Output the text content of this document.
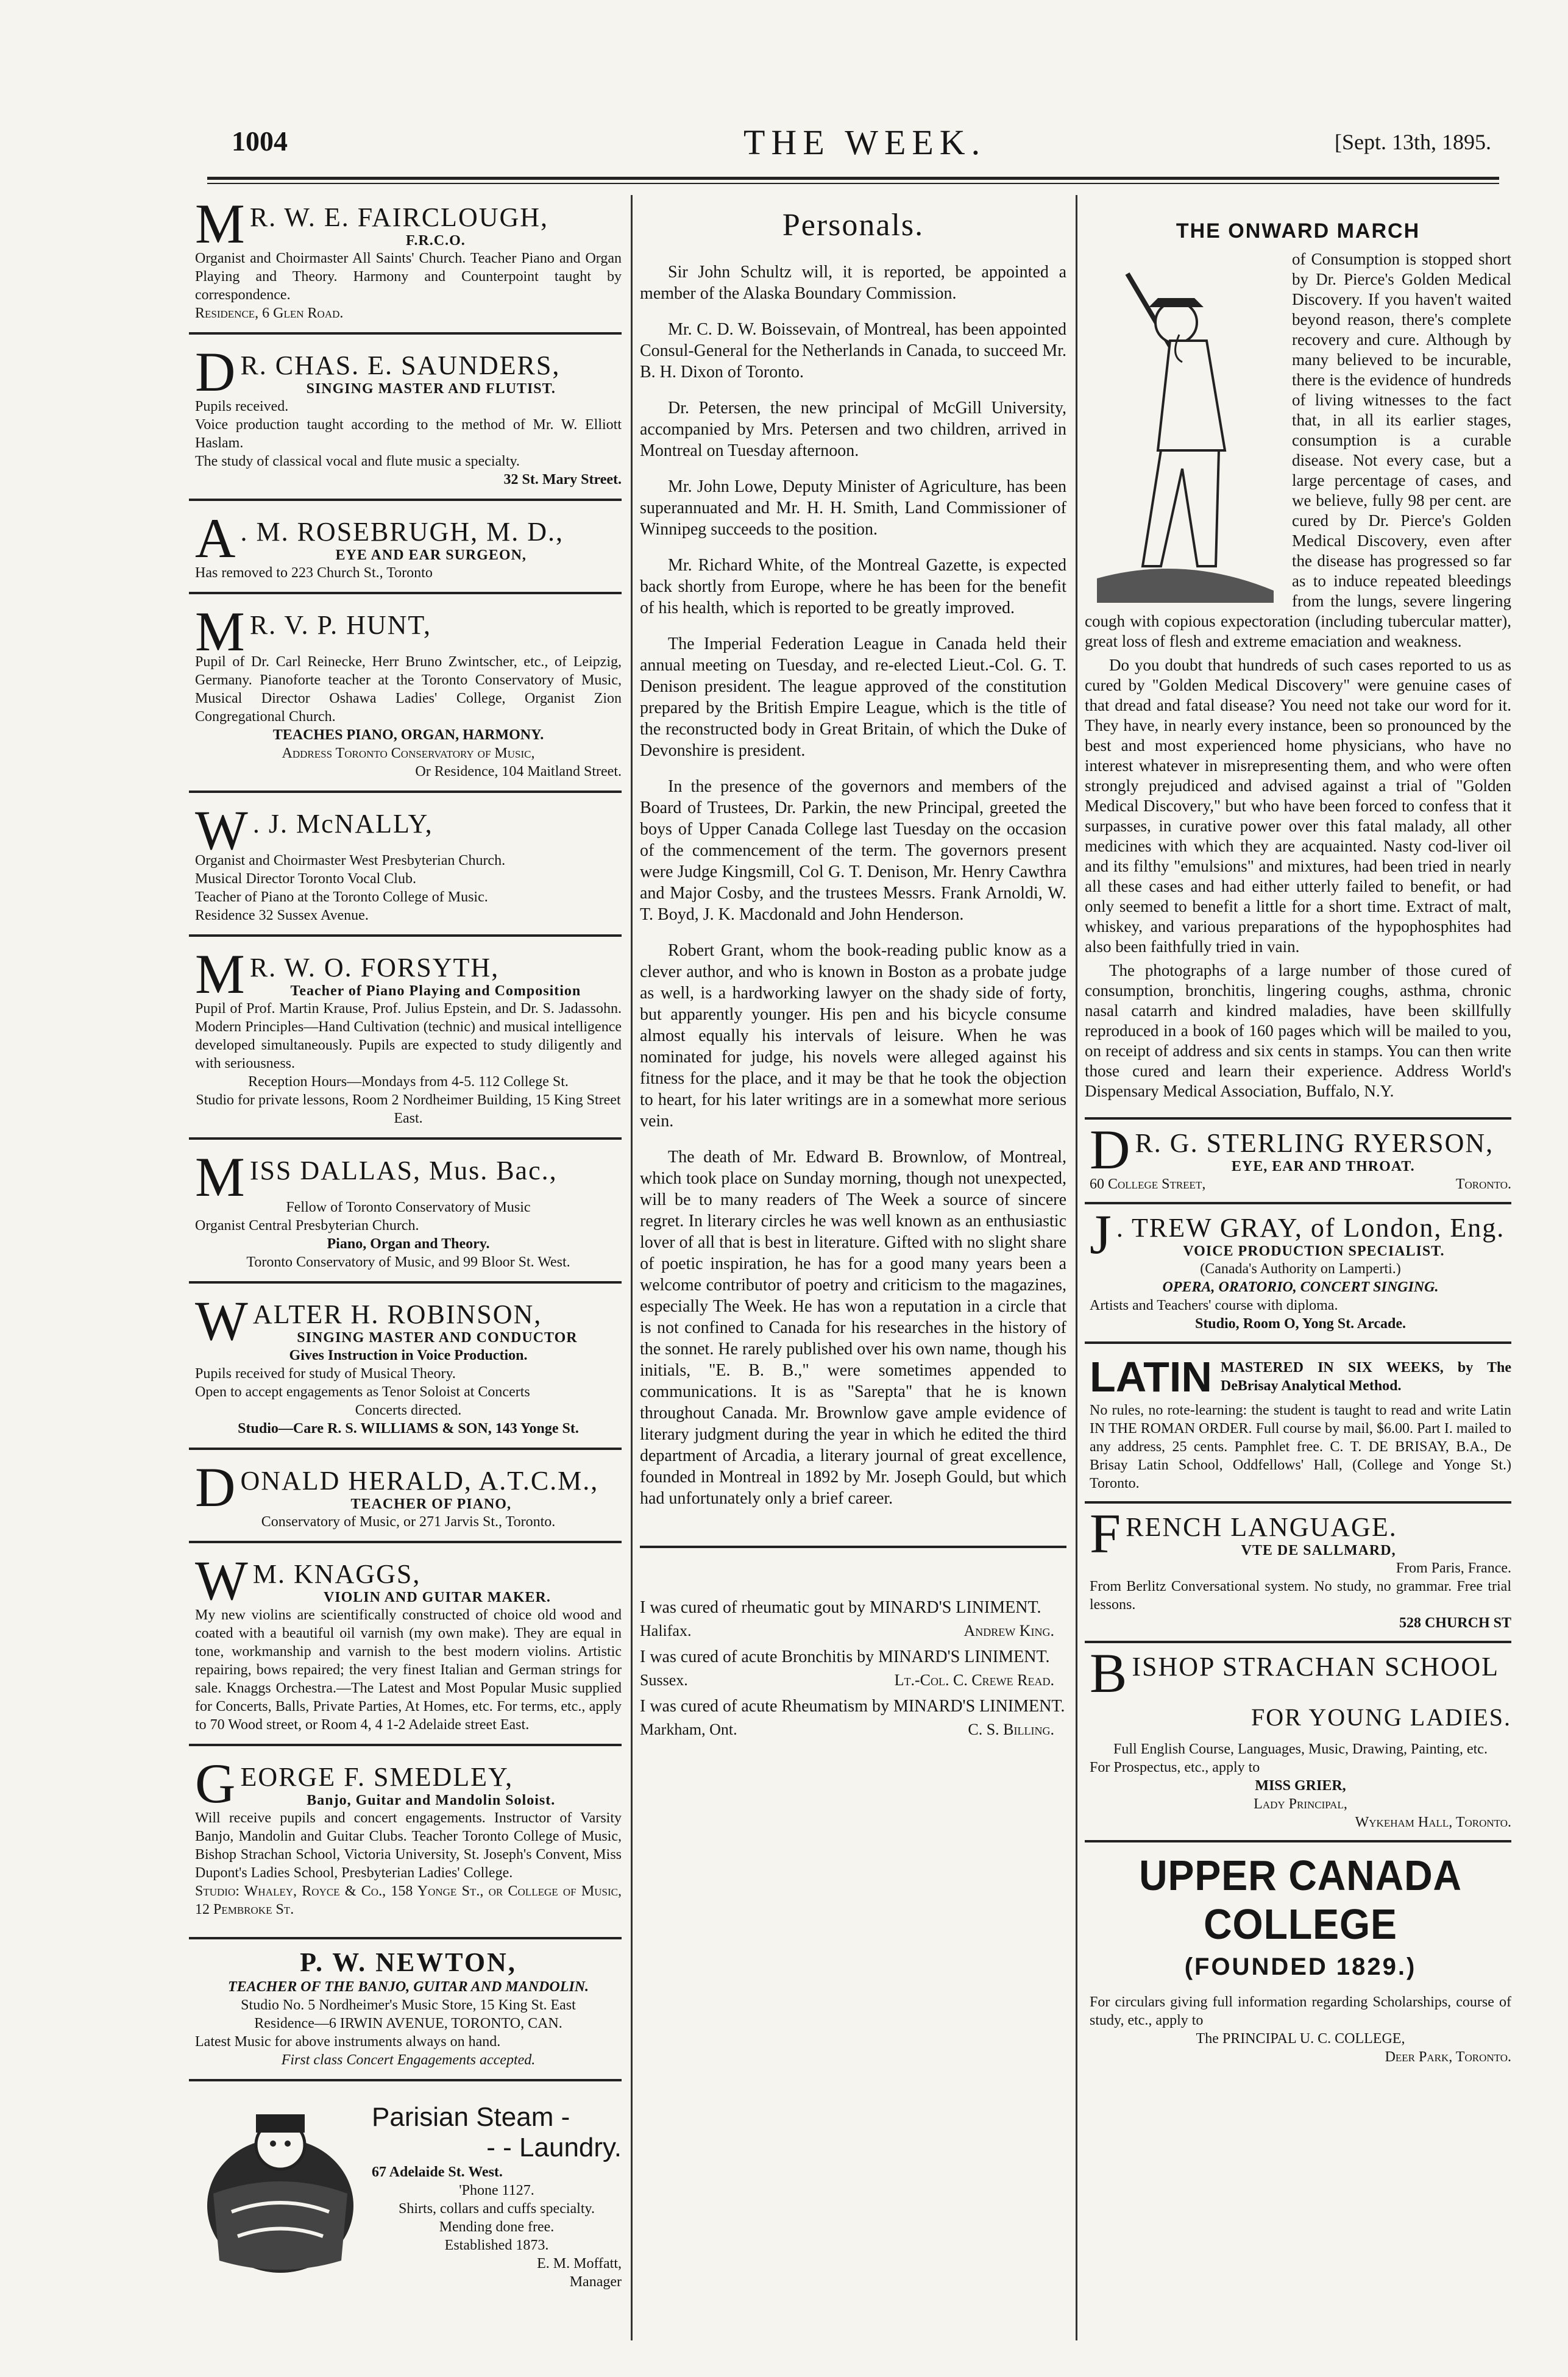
1004	THE WEEK.	[Sept. 13th, 1895.
M R. W. E. FAIRCLOUGH,
F.R.C.O.
Organist and Choirmaster All Saints' Church. Teacher Piano and Organ Playing and Theory. Harmony and Counterpoint taught by correspondence.
Residence, 6 Glen Road.
D R. CHAS. E. SAUNDERS,
SINGING MASTER AND FLUTIST.
Pupils received.
Voice production taught according to the method of Mr. W. Elliott Haslam.
The study of classical vocal and flute music a specialty.
32 St. Mary Street.
A . M. ROSEBRUGH, M. D.,
EYE AND EAR SURGEON,
Has removed to 223 Church St., Toronto
M R. V. P. HUNT,
Pupil of Dr. Carl Reinecke, Herr Bruno Zwintscher, etc., of Leipzig, Germany. Pianoforte teacher at the Toronto Conservatory of Music, Musical Director Oshawa Ladies' College, Organist Zion Congregational Church.
TEACHES PIANO, ORGAN, HARMONY.
Address Toronto Conservatory of Music,
Or Residence, 104 Maitland Street.
W . J. McNALLY,
Organist and Choirmaster West Presbyterian Church.
Musical Director Toronto Vocal Club.
Teacher of Piano at the Toronto College of Music.
Residence 32 Sussex Avenue.
M R. W. O. FORSYTH,
Teacher of Piano Playing and Composition
Pupil of Prof. Martin Krause, Prof. Julius Epstein, and Dr. S. Jadassohn. Modern Principles—Hand Cultivation (technic) and musical intelligence developed simultaneously. Pupils are expected to study diligently and with seriousness.
Reception Hours—Mondays from 4-5. 112 College St.
Studio for private lessons, Room 2 Nordheimer Building, 15 King Street East.
MISS DALLAS, Mus. Bac.,
Fellow of Toronto Conservatory of Music
Organist Central Presbyterian Church.
Piano, Organ and Theory.
Toronto Conservatory of Music, and 99 Bloor St. West.
WALTER H. ROBINSON,
SINGING MASTER AND CONDUCTOR
Gives Instruction in Voice Production.
Pupils received for study of Musical Theory.
Open to accept engagements as Tenor Soloist at Concerts
Concerts directed.
Studio—Care R. S. WILLIAMS & SON, 143 Yonge St.
DONALD HERALD, A.T.C.M.,
TEACHER OF PIANO,
Conservatory of Music, or 271 Jarvis St., Toronto.
W M. KNAGGS,
VIOLIN AND GUITAR MAKER.
My new violins are scientifically constructed of choice old wood and coated with a beautiful oil varnish (my own make). They are equal in tone, workmanship and varnish to the best modern violins. Artistic repairing, bows repaired; the very finest Italian and German strings for sale. Knaggs Orchestra.—The Latest and Most Popular Music supplied for Concerts, Balls, Private Parties, At Homes, etc. For terms, etc., apply to 70 Wood street, or Room 4, 4 1-2 Adelaide street East.
GEORGE F. SMEDLEY,
Banjo, Guitar and Mandolin Soloist.
Will receive pupils and concert engagements. Instructor of Varsity Banjo, Mandolin and Guitar Clubs. Teacher Toronto College of Music, Bishop Strachan School, Victoria University, St. Joseph's Convent, Miss Dupont's Ladies School, Presbyterian Ladies' College.
Studio: Whaley, Royce & Co., 158 Yonge St., or College of Music, 12 Pembroke St.
P. W. NEWTON,
TEACHER OF THE BANJO, GUITAR AND MANDOLIN.
Studio No. 5 Nordheimer's Music Store, 15 King St. East
Residence—6 IRWIN AVENUE, TORONTO, CAN.
Latest Music for above instruments always on hand.
First class Concert Engagements accepted.
Parisian Steam -
- - Laundry.
67 Adelaide St. West.
'Phone 1127.
Shirts, collars and cuffs specialty. Mending done free.
Established 1873.
E. M. Moffatt,
Manager
Personals.

Sir John Schultz will, it is reported, be appointed a member of the Alaska Boundary Commission.

Mr. C. D. W. Boissevain, of Montreal, has been appointed Consul-General for the Netherlands in Canada, to succeed Mr. B. H. Dixon of Toronto.

Dr. Petersen, the new principal of McGill University, accompanied by Mrs. Petersen and two children, arrived in Montreal on Tuesday afternoon.

Mr. John Lowe, Deputy Minister of Agriculture, has been superannuated and Mr. H. H. Smith, Land Commissioner of Winnipeg succeeds to the position.

Mr. Richard White, of the Montreal Gazette, is expected back shortly from Europe, where he has been for the benefit of his health, which is reported to be greatly improved.

The Imperial Federation League in Canada held their annual meeting on Tuesday, and re-elected Lieut.-Col. G. T. Denison president. The league approved of the constitution prepared by the British Empire League, which is the title of the reconstructed body in Great Britain, of which the Duke of Devonshire is president.

In the presence of the governors and members of the Board of Trustees, Dr. Parkin, the new Principal, greeted the boys of Upper Canada College last Tuesday on the occasion of the commencement of the term. The governors present were Judge Kingsmill, Col G. T. Denison, Mr. Henry Cawthra and Major Cosby, and the trustees Messrs. Frank Arnoldi, W. T. Boyd, J. K. Macdonald and John Henderson.

Robert Grant, whom the book-reading public know as a clever author, and who is known in Boston as a probate judge as well, is a hardworking lawyer on the shady side of forty, but apparently younger. His pen and his bicycle consume almost equally his intervals of leisure. When he was nominated for judge, his novels were alleged against his fitness for the place, and it may be that he took the objection to heart, for his later writings are in a somewhat more serious vein.

The death of Mr. Edward B. Brownlow, of Montreal, which took place on Sunday morning, though not unexpected, will be to many readers of The Week a source of sincere regret. In literary circles he was well known as an enthusiastic lover of all that is best in literature. Gifted with no slight share of poetic inspiration, he has for a good many years been a welcome contributor of poetry and criticism to the magazines, especially The Week. He has won a reputation in a circle that is not confined to Canada for his researches in the history of the sonnet. He rarely published over his own name, though his initials, "E. B. B.," were sometimes appended to communications. It is as "Sarepta" that he is known throughout Canada. Mr. Brownlow gave ample evidence of literary judgment during the year in which he edited the third department of Arcadia, a literary journal of great excellence, founded in Montreal in 1892 by Mr. Joseph Gould, but which had unfortunately only a brief career.

I was cured of rheumatic gout by MINARD'S LINIMENT.

Halifax.	Andrew King.

I was cured of acute Bronchitis by MINARD'S LINIMENT.

Sussex.	Lt.-Col. C. Crewe Read.

I was cured of acute Rheumatism by MINARD'S LINIMENT.

Markham, Ont.	C. S. Billing.
THE ONWARD MARCH
of Consumption is stopped short by Dr. Pierce's Golden Medical Discovery. If you haven't waited beyond reason, there's complete recovery and cure. Although by many believed to be incurable, there is the evidence of hundreds of living witnesses to the fact that, in all its earlier stages, consumption is a curable disease. Not every case, but a large percentage of cases, and we believe, fully 98 per cent. are cured by Dr. Pierce's Golden Medical Discovery, even after the disease has progressed so far as to induce repeated bleedings from the lungs, severe lingering cough with copious expectoration (including tubercular matter), great loss of flesh and extreme emaciation and weakness.
Do you doubt that hundreds of such cases reported to us as cured by "Golden Medical Discovery" were genuine cases of that dread and fatal disease? You need not take our word for it. They have, in nearly every instance, been so pronounced by the best and most experienced home physicians, who have no interest whatever in misrepresenting them, and who were often strongly prejudiced and advised against a trial of "Golden Medical Discovery," but who have been forced to confess that it surpasses, in curative power over this fatal malady, all other medicines with which they are acquainted. Nasty cod-liver oil and its filthy "emulsions" and mixtures, had been tried in nearly all these cases and had either utterly failed to benefit, or had only seemed to benefit a little for a short time. Extract of malt, whiskey, and various preparations of the hypophosphites had also been faithfully tried in vain.
The photographs of a large number of those cured of consumption, bronchitis, lingering coughs, asthma, chronic nasal catarrh and kindred maladies, have been skillfully reproduced in a book of 160 pages which will be mailed to you, on receipt of address and six cents in stamps. You can then write those cured and learn their experience. Address World's Dispensary Medical Association, Buffalo, N.Y.
D R. G. STERLING RYERSON,
EYE, EAR AND THROAT.
60 College Street,	Toronto.
J . TREW GRAY, of London, Eng.
VOICE PRODUCTION SPECIALIST.
(Canada's Authority on Lamperti.)
OPERA, ORATORIO, CONCERT SINGING.
Artists and Teachers' course with diploma.
Studio, Room O, Yong St. Arcade.
LATIN MASTERED IN SIX WEEKS, by The DeBrisay Analytical Method.
No rules, no rote-learning: the student is taught to read and write Latin IN THE ROMAN ORDER. Full course by mail, $6.00. Part I. mailed to any address, 25 cents. Pamphlet free. C. T. DE BRISAY, B.A., De Brisay Latin School, Oddfellows' Hall, (College and Yonge St.) Toronto.
FRENCH LANGUAGE.
VTE DE SALLMARD,
From Paris, France.
From Berlitz Conversational system. No study, no grammar. Free trial lessons.
528 CHURCH ST
BISHOP STRACHAN SCHOOL
FOR YOUNG LADIES.
Full English Course, Languages, Music, Drawing, Painting, etc.
For Prospectus, etc., apply to
MISS GRIER,
Lady Principal,
Wykeham Hall, Toronto.
UPPER CANADA COLLEGE
(FOUNDED 1829.)
For circulars giving full information regarding Scholarships, course of study, etc., apply to
The PRINCIPAL U. C. COLLEGE,
Deer Park, Toronto.
